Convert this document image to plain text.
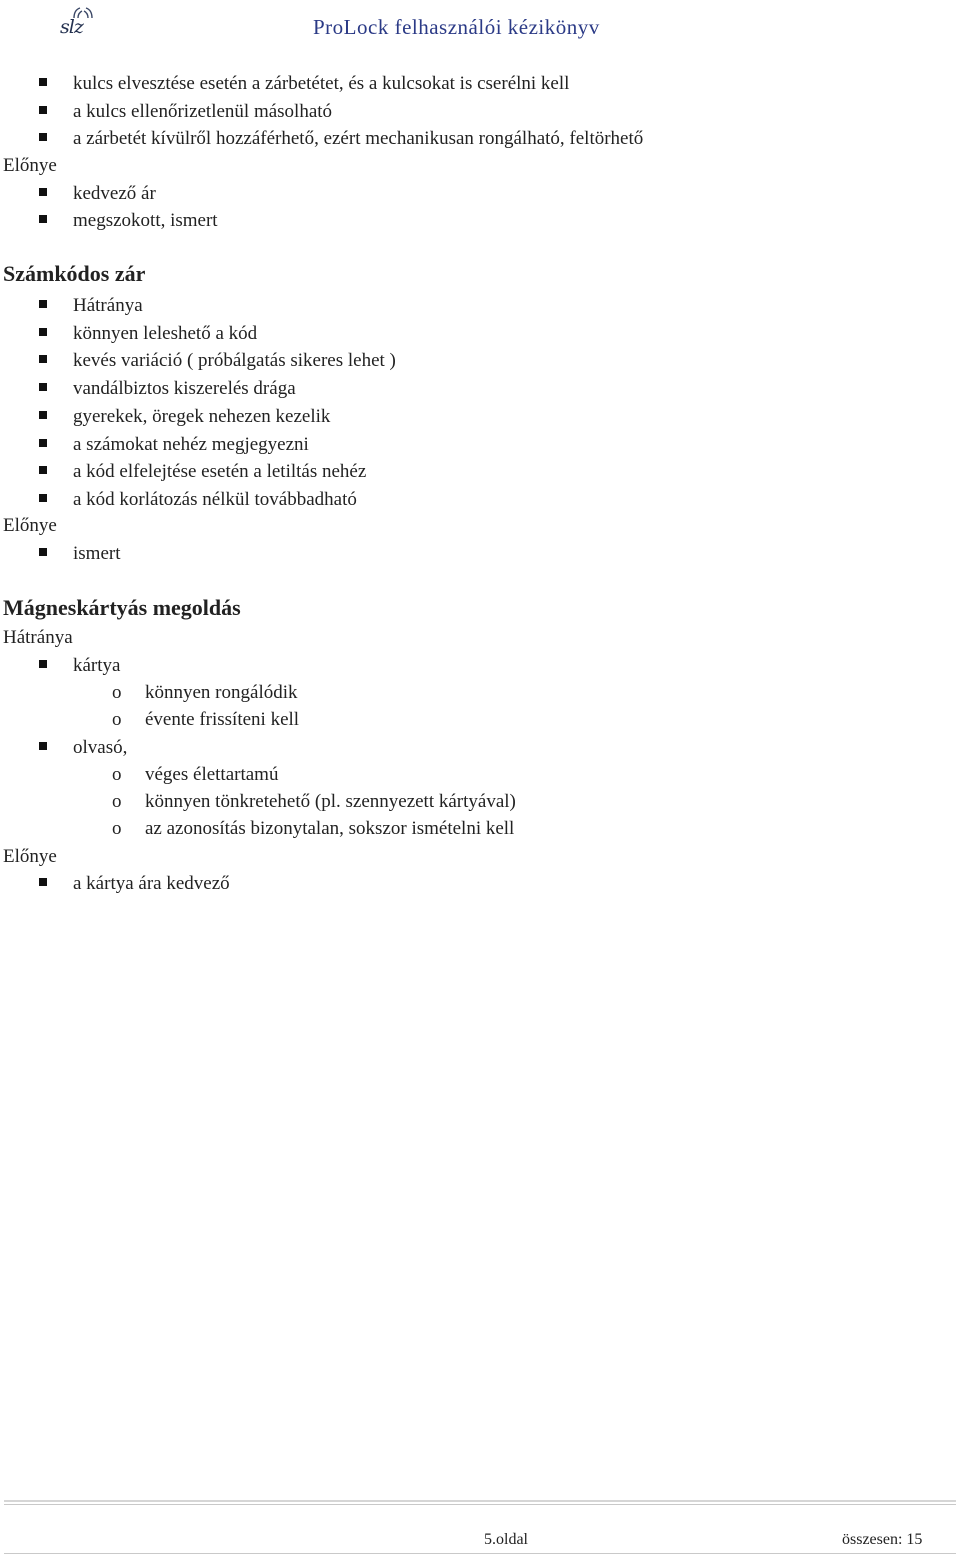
slz	ProLock felhasználói kézikönyv
kulcs elvesztése esetén a zárbetétet, és a kulcsokat is cserélni kell
a kulcs ellenőrizetlenül másolható
a zárbetét kívülről hozzáférhető, ezért mechanikusan rongálható, feltörhető
Előnye
kedvező ár
megszokott, ismert
Számkódos zár
Hátránya
könnyen leleshető a kód
kevés variáció ( próbálgatás sikeres lehet )
vandálbiztos kiszerelés drága
gyerekek, öregek nehezen kezelik
a számokat nehéz megjegyezni
a kód elfelejtése esetén a letiltás nehéz
a kód korlátozás nélkül továbbadható
Előnye
ismert
Mágneskártyás megoldás
Hátránya
kártya
o könnyen rongálódik
o évente frissíteni kell
olvasó,
o véges élettartamú
o könnyen tönkretehető (pl. szennyezett kártyával)
o az azonosítás bizonytalan, sokszor ismételni kell
Előnye
a kártya ára kedvező
5.oldal	összesen: 15
